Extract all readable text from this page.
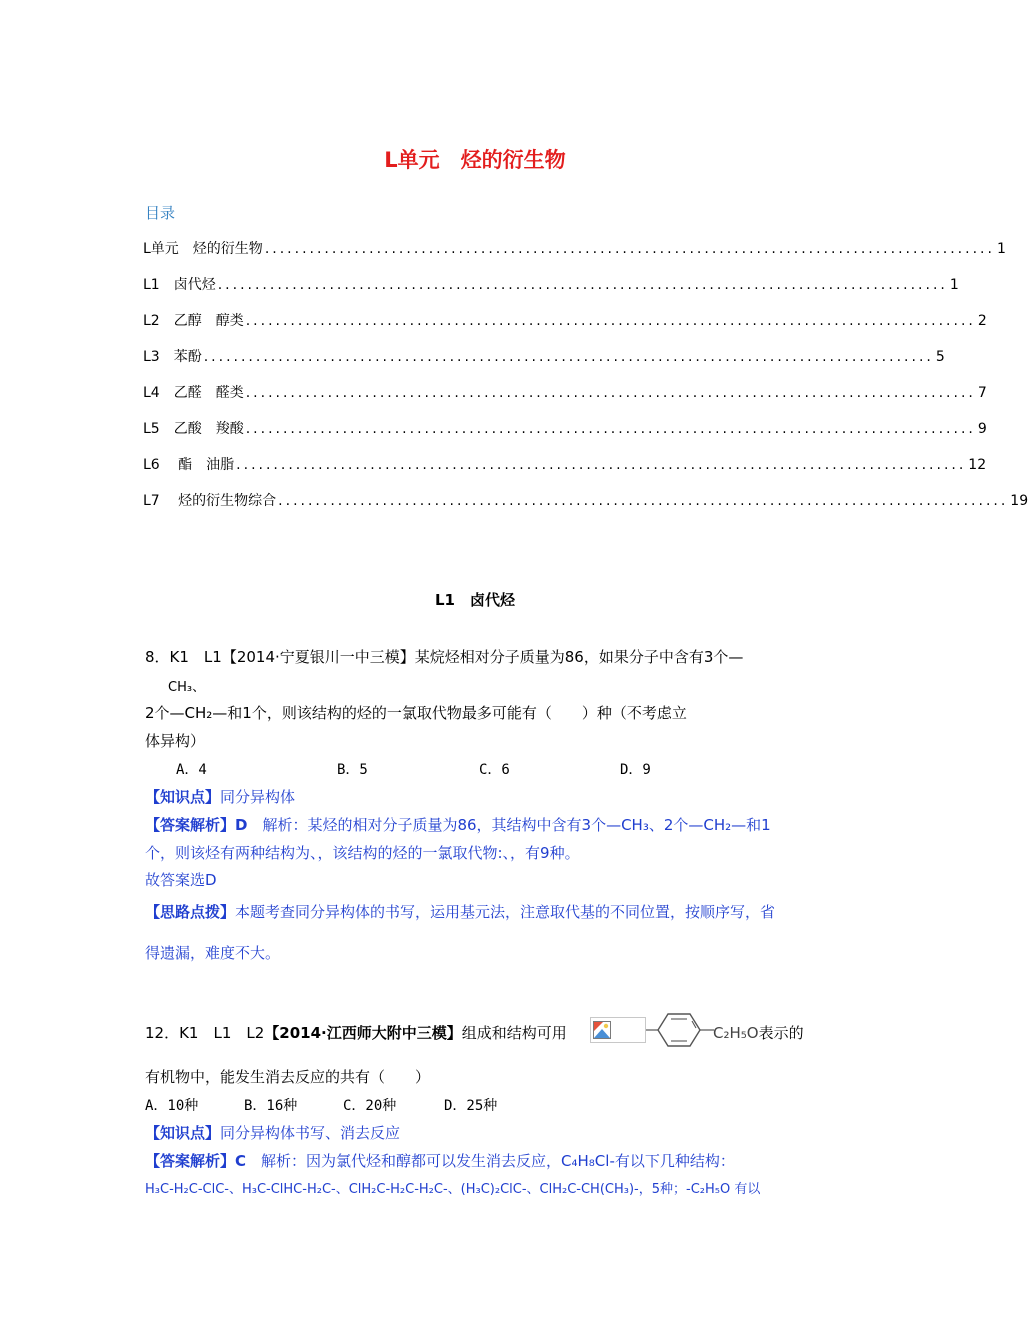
L单元　烃的衍生物
目录
L单元　烃的衍生物 .................................................................................................. 1
L1　卤代烃 .................................................................................................. 1
L2　乙醇　醇类 .................................................................................................. 2
L3　苯酚 .................................................................................................. 5
L4　乙醛　醛类 .................................................................................................. 7
L5　乙酸　羧酸 .................................................................................................. 9
L6　 酯　油脂 .................................................................................................. 12
L7　 烃的衍生物综合 .................................................................................................. 19
L1　卤代烃
8．K1　L1【2014·宁夏银川一中三模】某烷烃相对分子质量为86，如果分子中含有3个—
CH₃、
2个—CH₂—和1个，则该结构的烃的一氯取代物最多可能有（　　）种（不考虑立
体异构）
A．4	B．5	C．6	D．9
【知识点】同分异构体
【答案解析】D　解析：某烃的相对分子质量为86，其结构中含有3个—CH₃、2个—CH₂—和1
个，则该烃有两种结构为、，该结构的烃的一氯取代物:、，有9种。
故答案选D
【思路点拨】本题考查同分异构体的书写，运用基元法，注意取代基的不同位置，按顺序写，省
得遗漏，难度不大。
12．K1　L1　L2【2014·江西师大附中三模】组成和结构可用	C₂H₅O表示的
有机物中，能发生消去反应的共有（　　）
A．10种	B．16种	C．20种	D．25种
【知识点】同分异构体书写、消去反应
【答案解析】C　解析：因为氯代烃和醇都可以发生消去反应，C₄H₈Cl-有以下几种结构：
H₃C-H₂C-ClC-、H₃C-ClHC-H₂C-、ClH₂C-H₂C-H₂C-、(H₃C)₂ClC-、ClH₂C-CH(CH₃)-，5种；-C₂H₅O 有以
